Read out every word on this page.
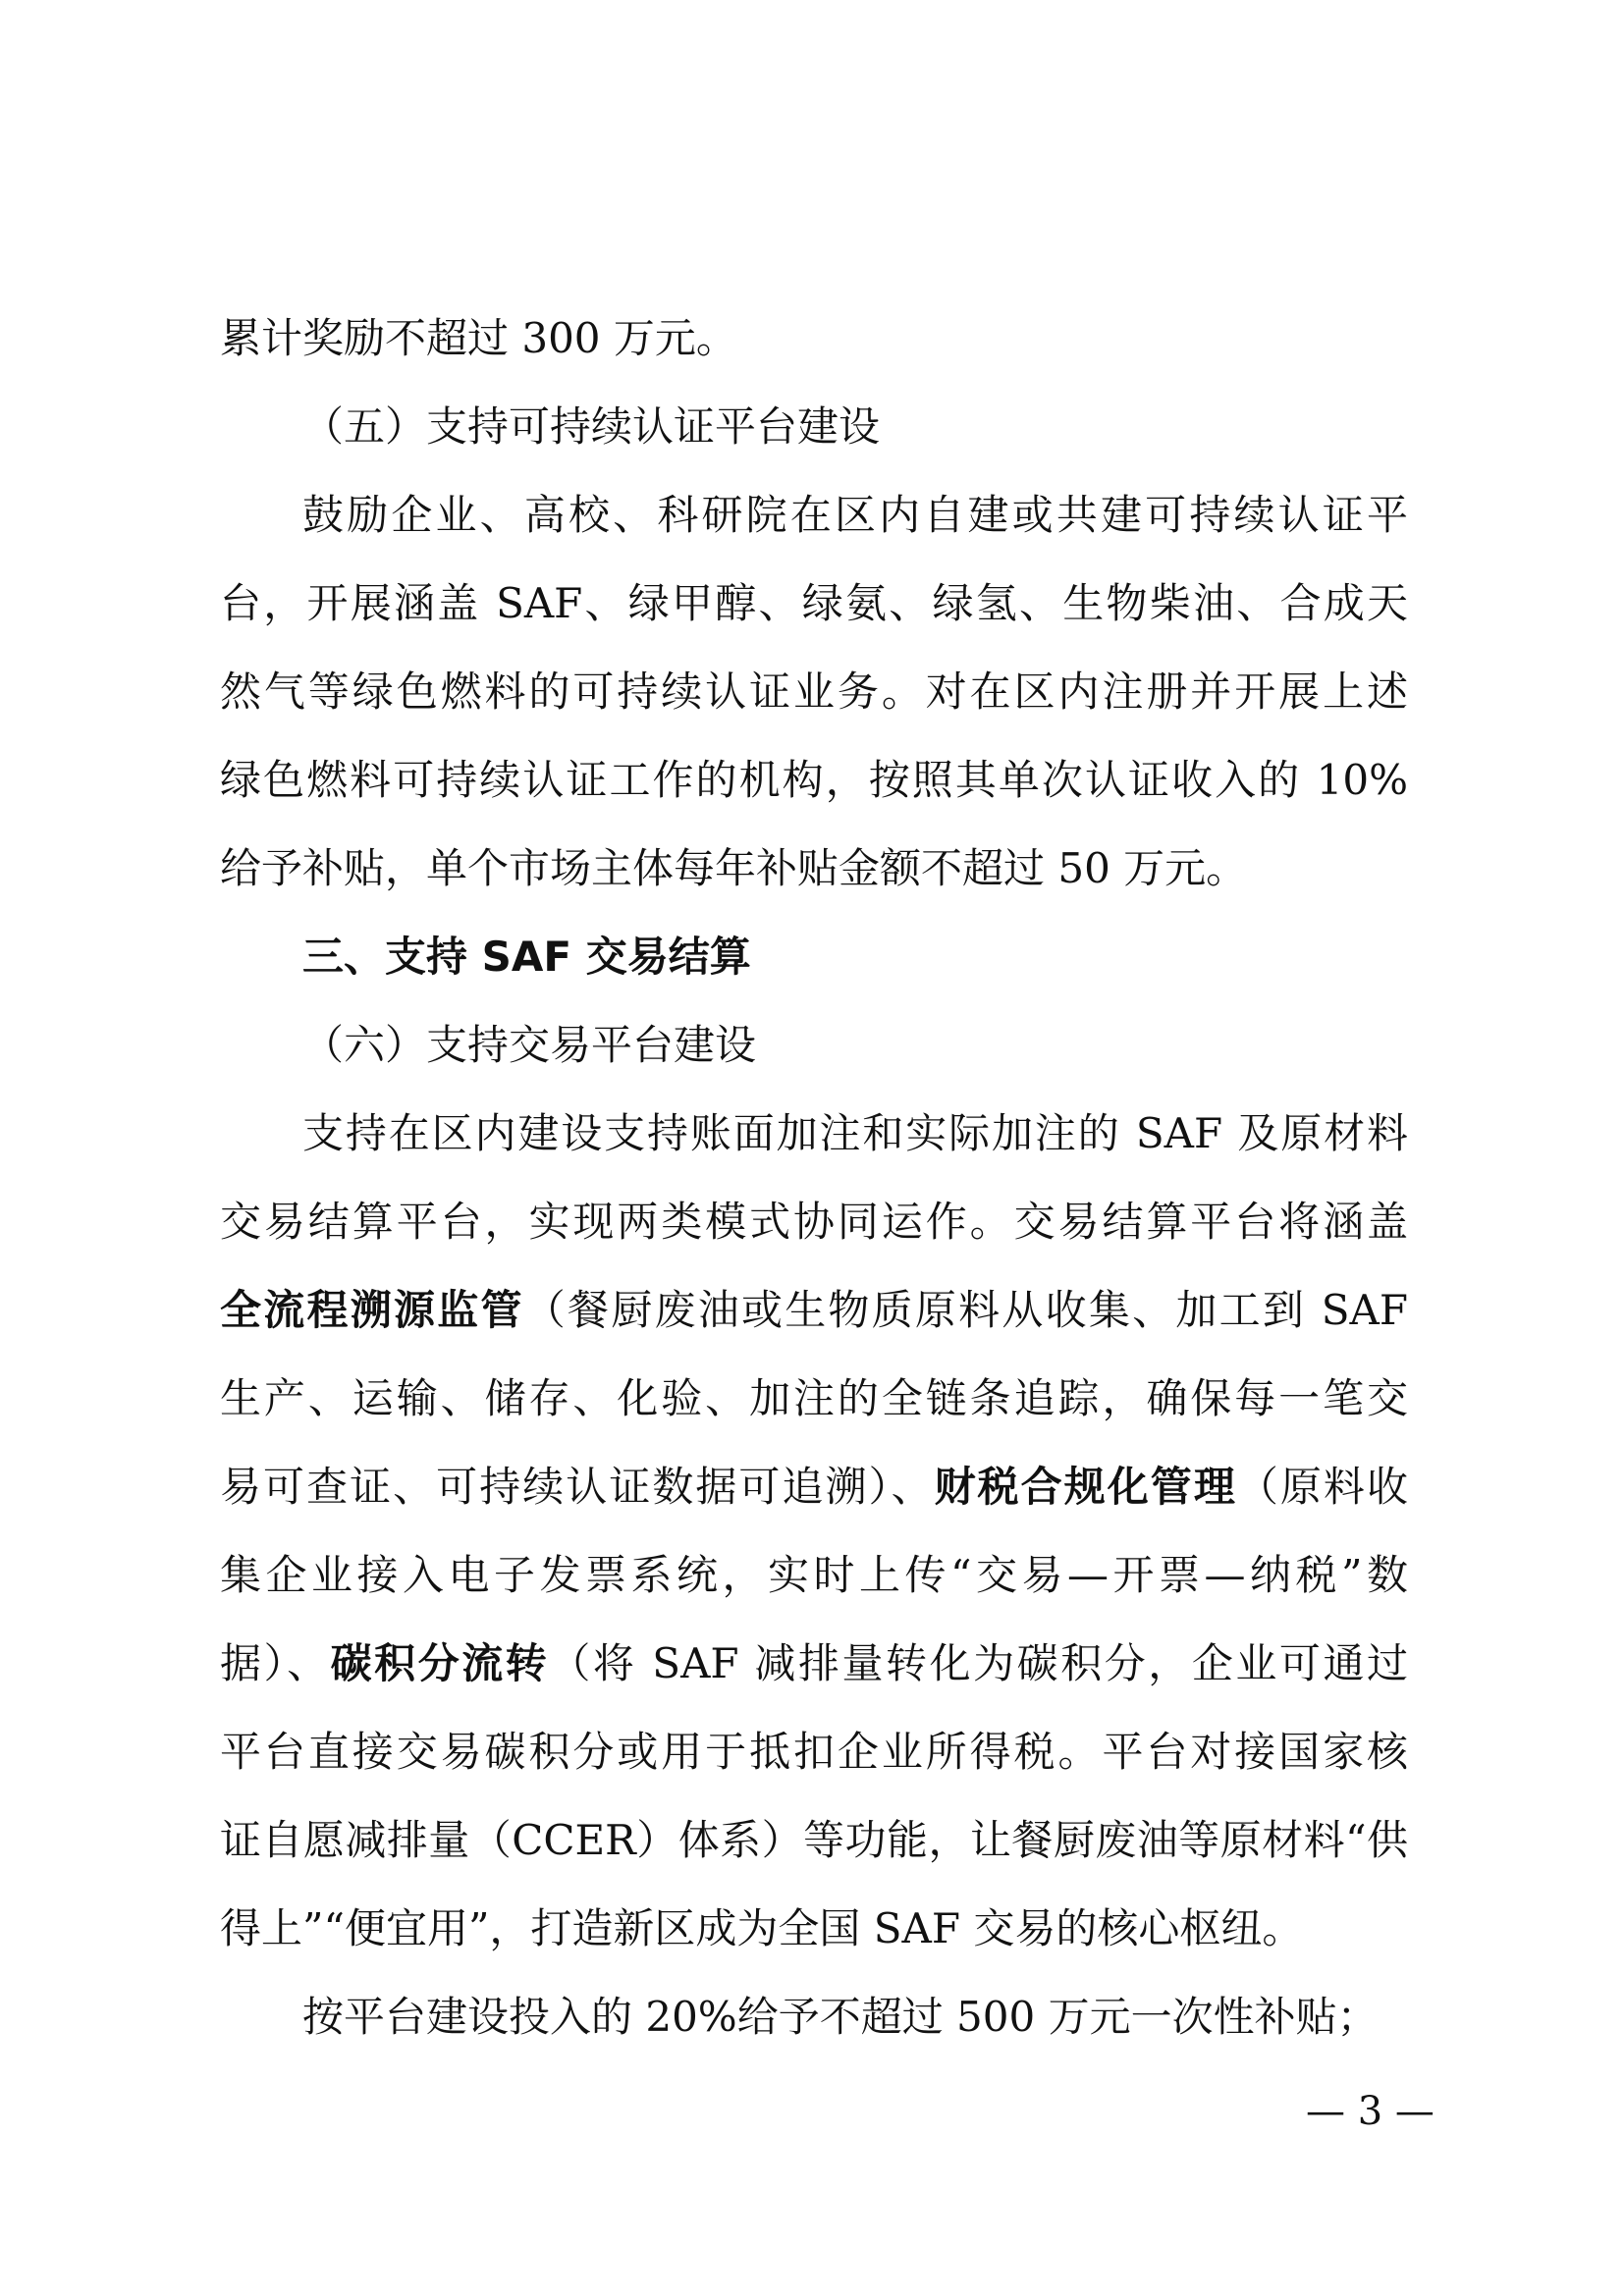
累计奖励不超过 300 万元。
（五）支持可持续认证平台建设
鼓励企业、高校、科研院在区内自建或共建可持续认证平
台，开展涵盖 SAF、绿甲醇、绿氨、绿氢、生物柴油、合成天
然气等绿色燃料的可持续认证业务。对在区内注册并开展上述
绿色燃料可持续认证工作的机构，按照其单次认证收入的 10%
给予补贴，单个市场主体每年补贴金额不超过 50 万元。
三、支持 SAF 交易结算
（六）支持交易平台建设
支持在区内建设支持账面加注和实际加注的 SAF 及原材料
交易结算平台，实现两类模式协同运作。交易结算平台将涵盖
全流程溯源监管（餐厨废油或生物质原料从收集、加工到 SAF
生产、运输、储存、化验、加注的全链条追踪，确保每一笔交
易可查证、可持续认证数据可追溯）、财税合规化管理（原料收
集企业接入电子发票系统，实时上传“交易—开票—纳税”数
据）、碳积分流转（将 SAF 减排量转化为碳积分，企业可通过
平台直接交易碳积分或用于抵扣企业所得税。平台对接国家核
证自愿减排量（CCER）体系）等功能，让餐厨废油等原材料“供
得上”“便宜用”，打造新区成为全国 SAF 交易的核心枢纽。
按平台建设投入的 20%给予不超过 500 万元一次性补贴；
— 3 —
